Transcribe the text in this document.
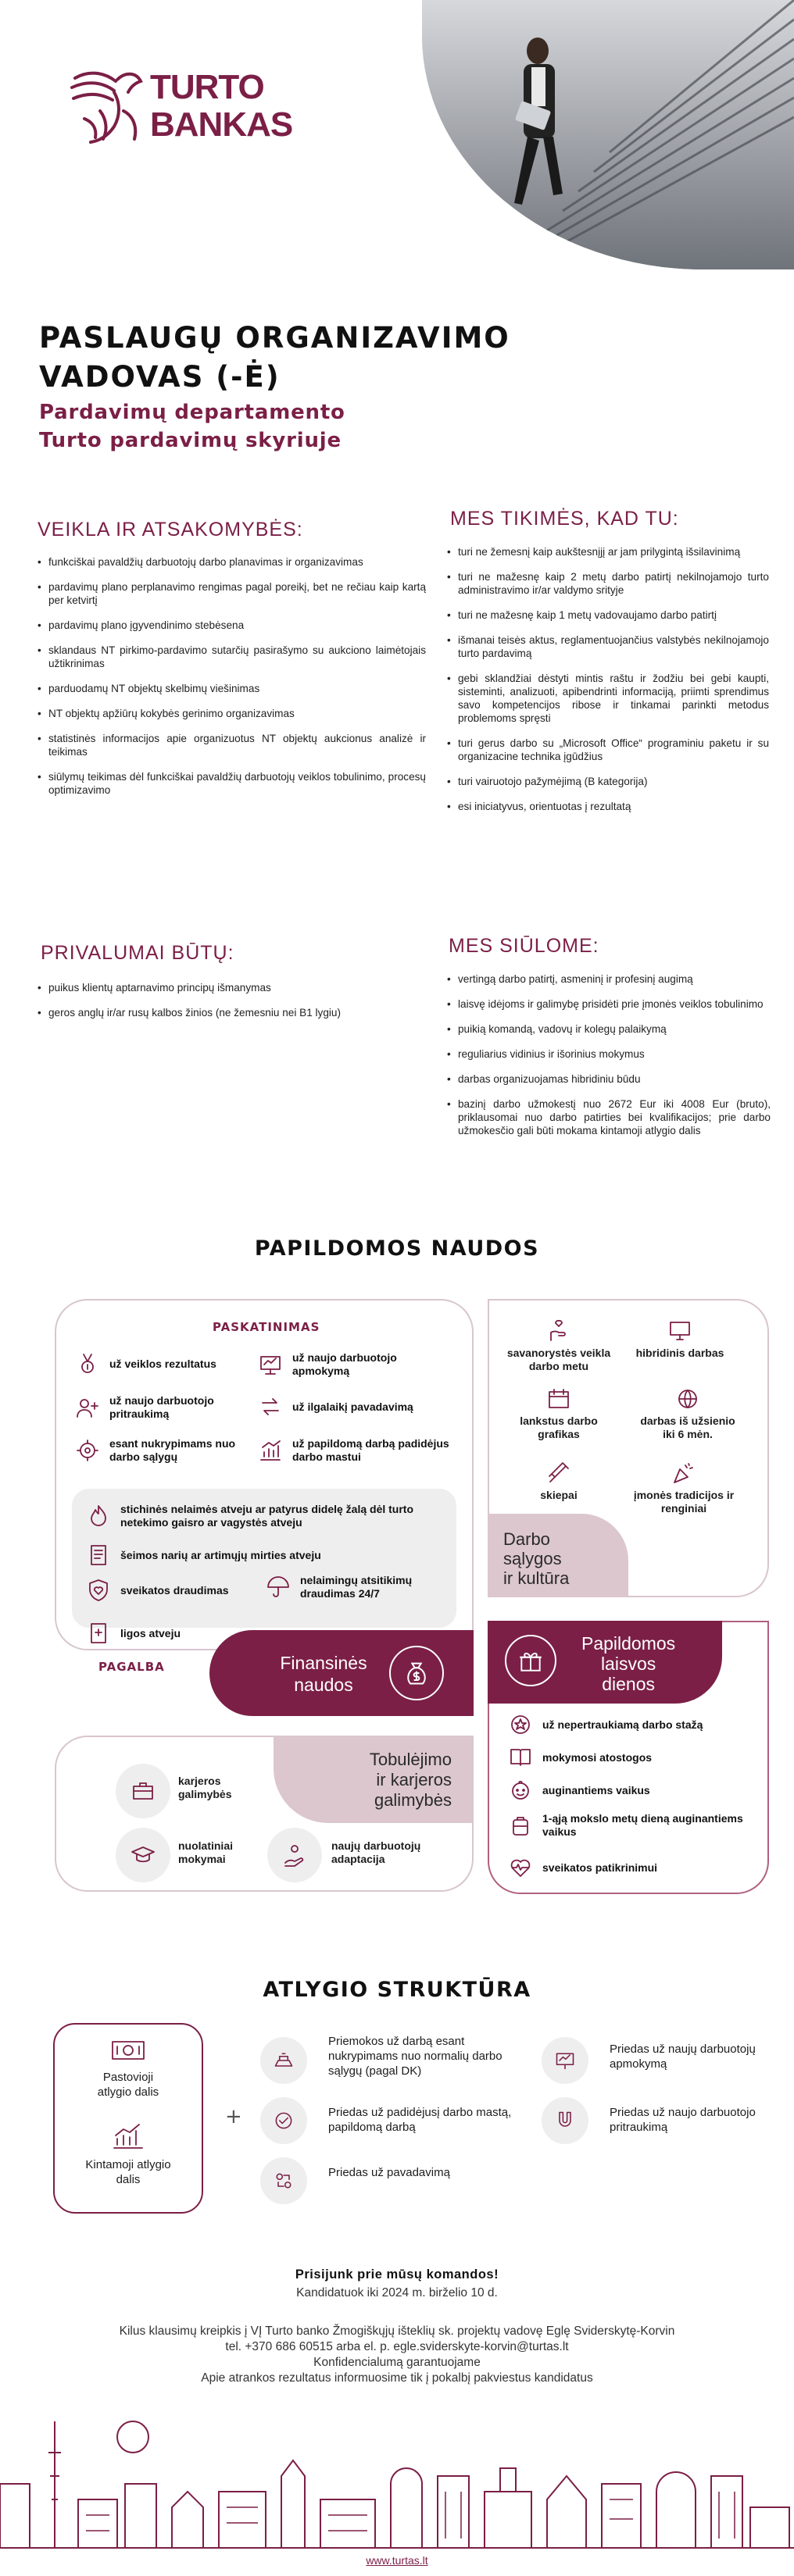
TURTO
BANKAS
PASLAUGŲ ORGANIZAVIMO
VADOVAS (-Ė)
Pardavimų departamento
Turto pardavimų skyriuje
VEIKLA IR ATSAKOMYBĖS:
• funkciškai pavaldžių darbuotojų darbo planavimas ir organizavimas
• pardavimų plano perplanavimo rengimas pagal poreikį, bet ne rečiau kaip kartą per ketvirtį
• pardavimų plano įgyvendinimo stebėsena
• sklandaus NT pirkimo-pardavimo sutarčių pasirašymo su aukciono laimėtojais užtikrinimas
• parduodamų NT objektų skelbimų viešinimas
• NT objektų apžiūrų kokybės gerinimo organizavimas
• statistinės informacijos apie organizuotus NT objektų aukcionus analizė ir teikimas
• siūlymų teikimas dėl funkciškai pavaldžių darbuotojų veiklos tobulinimo, procesų optimizavimo
MES TIKIMĖS, KAD TU:
• turi ne žemesnį kaip aukštesnįjį ar jam prilygintą išsilavinimą
• turi ne mažesnę kaip 2 metų darbo patirtį nekilnojamojo turto administravimo ir/ar valdymo srityje
• turi ne mažesnę kaip 1 metų vadovaujamo darbo patirtį
• išmanai teisės aktus, reglamentuojančius valstybės nekilnojamojo turto pardavimą
• gebi sklandžiai dėstyti mintis raštu ir žodžiu bei gebi kaupti, sisteminti, analizuoti, apibendrinti informaciją, priimti sprendimus savo kompetencijos ribose ir tinkamai parinkti metodus problemoms spręsti
• turi gerus darbo su „Microsoft Office“ programiniu paketu ir su organizacine technika įgūdžius
• turi vairuotojo pažymėjimą (B kategorija)
• esi iniciatyvus, orientuotas į rezultatą
PRIVALUMAI BŪTŲ:
• puikus klientų aptarnavimo principų išmanymas
• geros anglų ir/ar rusų kalbos žinios (ne žemesniu nei B1 lygiu)
MES SIŪLOME:
• vertingą darbo patirtį, asmeninį ir profesinį augimą
• laisvę idėjoms ir galimybę prisidėti prie įmonės veiklos tobulinimo
• puikią komandą, vadovų ir kolegų palaikymą
• reguliarius vidinius ir išorinius mokymus
• darbas organizuojamas hibridiniu būdu
• bazinį darbo užmokestį nuo 2672 Eur iki 4008 Eur (bruto), priklausomai nuo darbo patirties bei kvalifikacijos; prie darbo užmokesčio gali būti mokama kintamoji atlygio dalis
PAPILDOMOS NAUDOS
PASKATINIMAS
už veiklos rezultatus	už naujo darbuotojo apmokymą
už naujo darbuotojo pritraukimą
už ilgalaikį pavadavimą
esant nukrypimams nuo darbo sąlygų
už papildomą darbą padidėjus darbo mastui
stichinės nelaimės atveju ar patyrus didelę žalą dėl turto netekimo gaisro ar vagystės atveju
šeimos narių ar artimųjų mirties atveju
sveikatos draudimas
nelaimingų atsitikimų draudimas 24/7
ligos atveju
PAGALBA	Finansinės naudos
savanorystės veikla darbo metu
hibridinis darbas
lankstus darbo grafikas
darbas iš užsienio iki 6 mėn.
skiepai	įmonės tradicijos ir renginiai
Darbo
sąlygos
ir kultūra
Tobulėjimo
ir karjeros
galimybės
karjeros galimybės
nuolatiniai mokymai
naujų darbuotojų adaptacija
Papildomos
laisvos
dienos
už nepertraukiamą darbo stažą
mokymosi atostogos
auginantiems vaikus
1-ąją mokslo metų dieną auginantiems vaikus
sveikatos patikrinimui
ATLYGIO STRUKTŪRA
Pastovioji atlygio dalis
Kintamoji atlygio dalis
+
Priemokos už darbą esant nukrypimams nuo normalių darbo sąlygų (pagal DK)
Priedas už naujų darbuotojų apmokymą
Priedas už padidėjusį darbo mastą, papildomą darbą
Priedas už naujo darbuotojo pritraukimą
Priedas už pavadavimą
Prisijunk prie mūsų komandos!
Kandidatuok iki 2024 m. birželio 10 d.
Kilus klausimų kreipkis į VĮ Turto banko Žmogiškųjų išteklių sk. projektų vadovę Eglę Sviderskytę-Korvin
tel. +370 686 60515 arba el. p. egle.sviderskyte-korvin@turtas.lt
Konfidencialumą garantuojame
Apie atrankos rezultatus informuosime tik į pokalbį pakviestus kandidatus
www.turtas.lt
